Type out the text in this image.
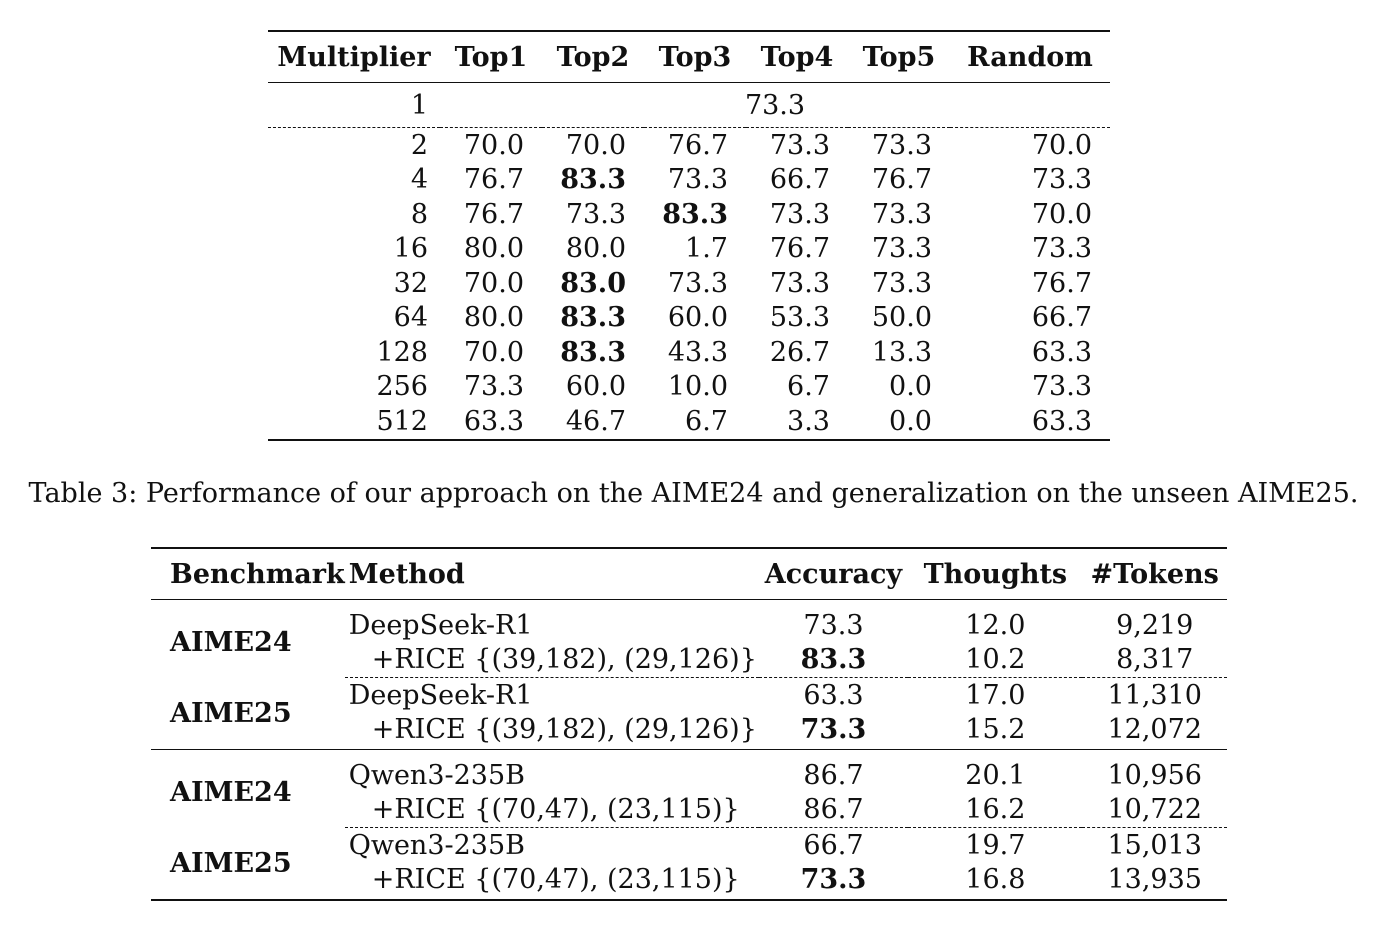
Multiplier	Top1	Top2	Top3	Top4	Top5	Random
1	73.3					
2	70.0	70.0	76.7	73.3	73.3	70.0
4	76.7	83.3	73.3	66.7	76.7	73.3
8	76.7	73.3	83.3	73.3	73.3	70.0
16	80.0	80.0	1.7	76.7	73.3	73.3
32	70.0	83.0	73.3	73.3	73.3	76.7
64	80.0	83.3	60.0	53.3	50.0	66.7
128	70.0	83.3	43.3	26.7	13.3	63.3
256	73.3	60.0	10.0	6.7	0.0	73.3
512	63.3	46.7	6.7	3.3	0.0	63.3
Table 3: Performance of our approach on the AIME24 and generalization on the unseen AIME25.
Benchmark	Method	Accuracy	Thoughts	#Tokens
AIME24	DeepSeek-R1	73.3	12.0	9,219
	+RICE {(39,182), (29,126)}	83.3	10.2	8,317
AIME25	DeepSeek-R1	63.3	17.0	11,310
	+RICE {(39,182), (29,126)}	73.3	15.2	12,072
AIME24	Qwen3-235B	86.7	20.1	10,956
	+RICE {(70,47), (23,115)}	86.7	16.2	10,722
AIME25	Qwen3-235B	66.7	19.7	15,013
	+RICE {(70,47), (23,115)}	73.3	16.8	13,935
